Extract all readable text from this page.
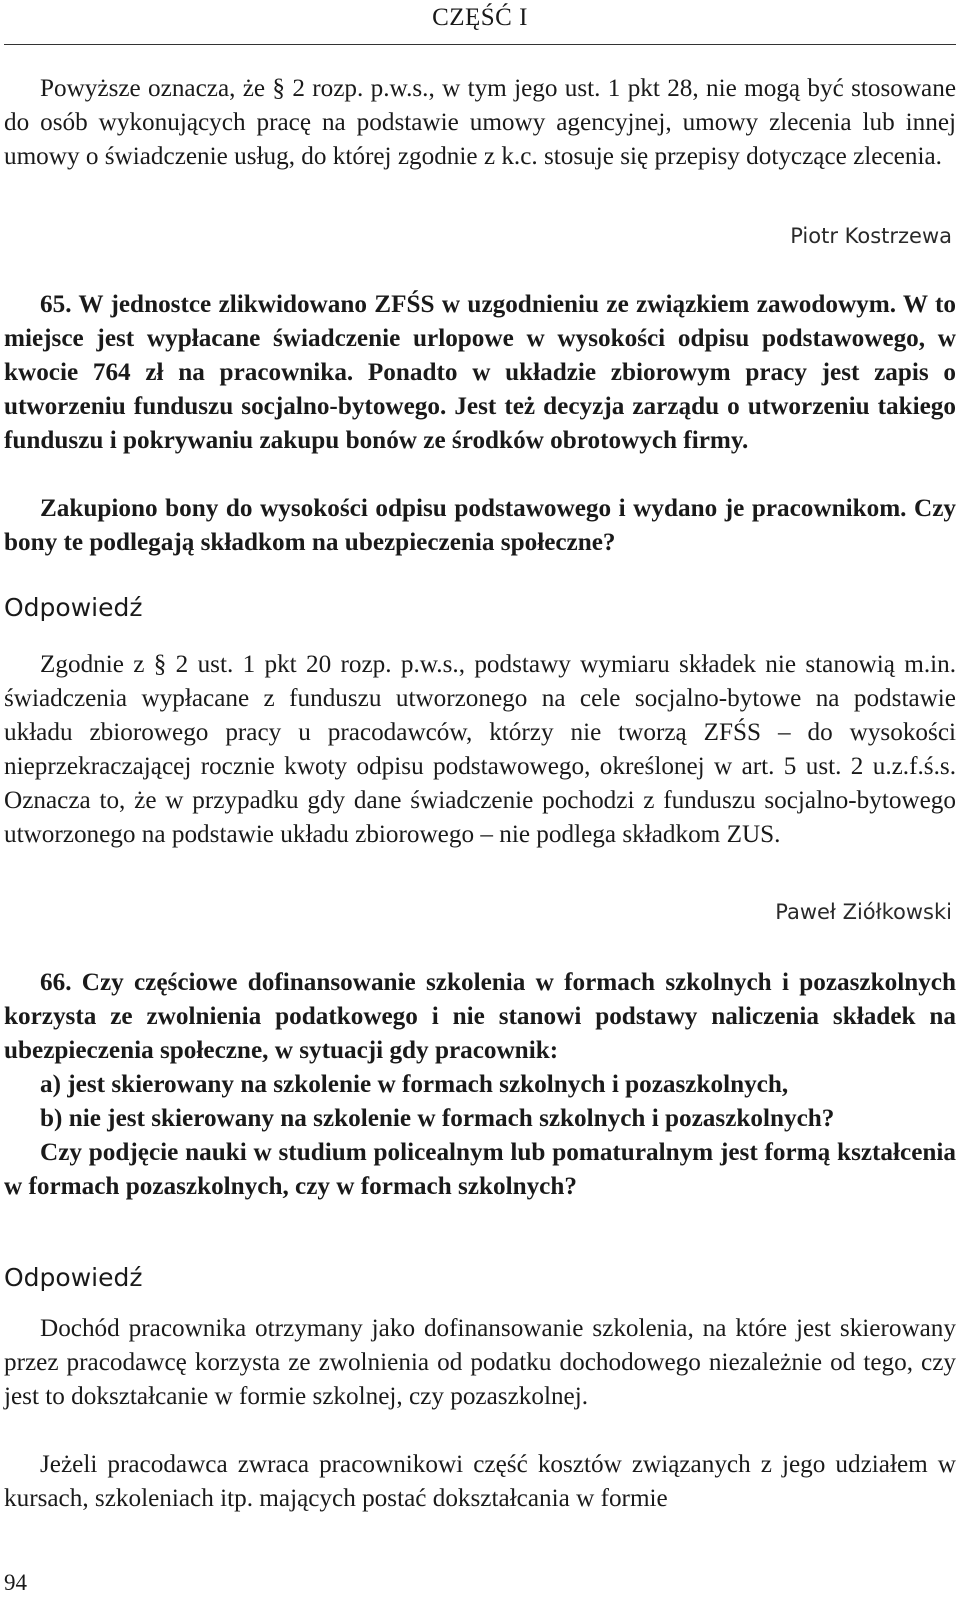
CZĘŚĆ I

Powyższe oznacza, że § 2 rozp. p.w.s., w tym jego ust. 1 pkt 28, nie mogą być stosowane do osób wykonujących pracę na podstawie umowy agencyjnej, umowy zlecenia lub innej umowy o świadczenie usług, do której zgodnie z k.c. stosuje się przepisy dotyczące zlecenia.

Piotr Kostrzewa

65. W jednostce zlikwidowano ZFŚS w uzgodnieniu ze związkiem zawodowym. W to miejsce jest wypłacane świadczenie urlopowe w wysokości odpisu podstawowego, w kwocie 764 zł na pracownika. Ponadto w układzie zbiorowym pracy jest zapis o utworzeniu funduszu socjalno-bytowego. Jest też decyzja zarządu o utworzeniu takiego funduszu i pokrywaniu zakupu bonów ze środków obrotowych firmy.

Zakupiono bony do wysokości odpisu podstawowego i wydano je pracownikom. Czy bony te podlegają składkom na ubezpieczenia społeczne?

Odpowiedź

Zgodnie z § 2 ust. 1 pkt 20 rozp. p.w.s., podstawy wymiaru składek nie stanowią m.in. świadczenia wypłacane z funduszu utworzonego na cele socjalno-bytowe na podstawie układu zbiorowego pracy u pracodawców, którzy nie tworzą ZFŚS – do wysokości nieprzekraczającej rocznie kwoty odpisu podstawowego, określonej w art. 5 ust. 2 u.z.f.ś.s. Oznacza to, że w przypadku gdy dane świadczenie pochodzi z funduszu socjalno-bytowego utworzonego na podstawie układu zbiorowego – nie podlega składkom ZUS.

Paweł Ziółkowski

66. Czy częściowe dofinansowanie szkolenia w formach szkolnych i pozaszkolnych korzysta ze zwolnienia podatkowego i nie stanowi podstawy naliczenia składek na ubezpieczenia społeczne, w sytuacji gdy pracownik:

a) jest skierowany na szkolenie w formach szkolnych i pozaszkolnych,

b) nie jest skierowany na szkolenie w formach szkolnych i pozaszkolnych?

Czy podjęcie nauki w studium policealnym lub pomaturalnym jest formą kształcenia w formach pozaszkolnych, czy w formach szkolnych?

Odpowiedź

Dochód pracownika otrzymany jako dofinansowanie szkolenia, na które jest skierowany przez pracodawcę korzysta ze zwolnienia od podatku dochodowego niezależnie od tego, czy jest to dokształcanie w formie szkolnej, czy pozaszkolnej.

Jeżeli pracodawca zwraca pracownikowi część kosztów związanych z jego udziałem w kursach, szkoleniach itp. mających postać dokształcania w formie

94
